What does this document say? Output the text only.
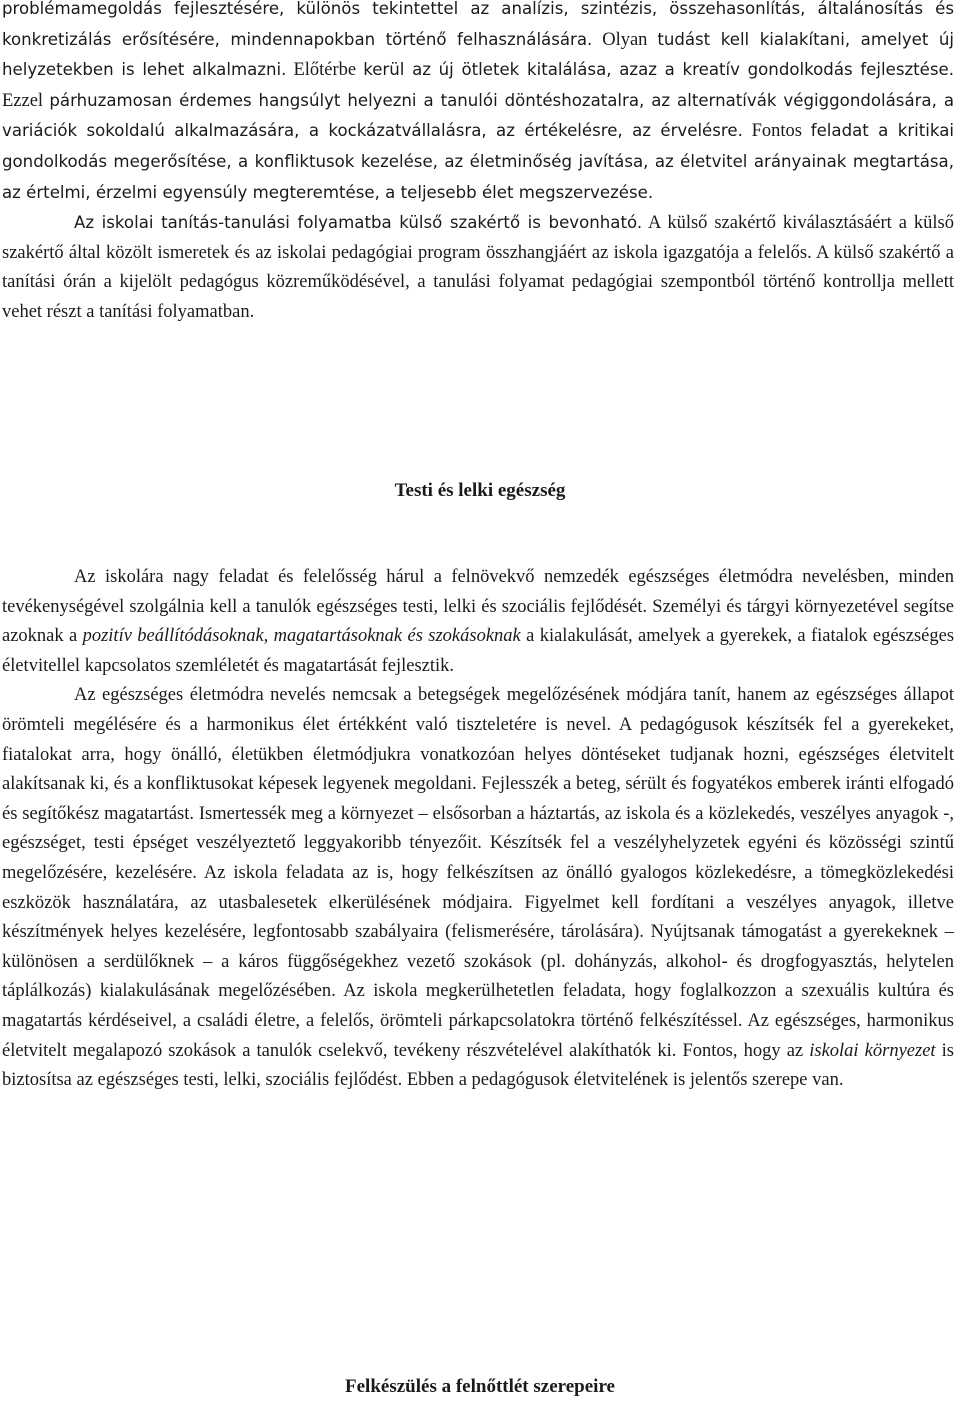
problémamegoldás fejlesztésére, különös tekintettel az analízis, szintézis, összehasonlítás, általánosítás és konkretizálás erősítésére, mindennapokban történő felhasználására. Olyan tudást kell kialakítani, amelyet új helyzetekben is lehet alkalmazni. Előtérbe kerül az új ötletek kitalálása, azaz a kreatív gondolkodás fejlesztése. Ezzel párhuzamosan érdemes hangsúlyt helyezni a tanulói döntéshozatalra, az alternatívák végiggondolására, a variációk sokoldalú alkalmazására, a kockázatvállalásra, az értékelésre, az érvelésre. Fontos feladat a kritikai gondolkodás megerősítése, a konfliktusok kezelése, az életminőség javítása, az életvitel arányainak megtartása, az értelmi, érzelmi egyensúly megteremtése, a teljesebb élet megszervezése.

Az iskolai tanítás-tanulási folyamatba külső szakértő is bevonható. A külső szakértő kiválasztásáért a külső szakértő által közölt ismeretek és az iskolai pedagógiai program összhangjáért az iskola igazgatója a felelős. A külső szakértő a tanítási órán a kijelölt pedagógus közreműködésével, a tanulási folyamat pedagógiai szempontból történő kontrollja mellett vehet részt a tanítási folyamatban.

Testi és lelki egészség

Az iskolára nagy feladat és felelősség hárul a felnövekvő nemzedék egészséges életmódra nevelésben, minden tevékenységével szolgálnia kell a tanulók egészséges testi, lelki és szociális fejlődését. Személyi és tárgyi környezetével segítse azoknak a pozitív beállítódásoknak, magatartásoknak és szokásoknak a kialakulását, amelyek a gyerekek, a fiatalok egészséges életvitellel kapcsolatos szemléletét és magatartását fejlesztik.

Az egészséges életmódra nevelés nemcsak a betegségek megelőzésének módjára tanít, hanem az egészséges állapot örömteli megélésére és a harmonikus élet értékként való tiszteletére is nevel. A pedagógusok készítsék fel a gyerekeket, fiatalokat arra, hogy önálló, életükben életmódjukra vonatkozóan helyes döntéseket tudjanak hozni, egészséges életvitelt alakítsanak ki, és a konfliktusokat képesek legyenek megoldani. Fejlesszék a beteg, sérült és fogyatékos emberek iránti elfogadó és segítőkész magatartást. Ismertessék meg a környezet – elsősorban a háztartás, az iskola és a közlekedés, veszélyes anyagok -, egészséget, testi épséget veszélyeztető leggyakoribb tényezőit. Készítsék fel a veszélyhelyzetek egyéni és közösségi szintű megelőzésére, kezelésére. Az iskola feladata az is, hogy felkészítsen az önálló gyalogos közlekedésre, a tömegközlekedési eszközök használatára, az utasbalesetek elkerülésének módjaira. Figyelmet kell fordítani a veszélyes anyagok, illetve készítmények helyes kezelésére, legfontosabb szabályaira (felismerésére, tárolására). Nyújtsanak támogatást a gyerekeknek – különösen a serdülőknek – a káros függőségekhez vezető szokások (pl. dohányzás, alkohol- és drogfogyasztás, helytelen táplálkozás) kialakulásának megelőzésében. Az iskola megkerülhetetlen feladata, hogy foglalkozzon a szexuális kultúra és magatartás kérdéseivel, a családi életre, a felelős, örömteli párkapcsolatokra történő felkészítéssel. Az egészséges, harmonikus életvitelt megalapozó szokások a tanulók cselekvő, tevékeny részvételével alakíthatók ki. Fontos, hogy az iskolai környezet is biztosítsa az egészséges testi, lelki, szociális fejlődést. Ebben a pedagógusok életvitelének is jelentős szerepe van.

Felkészülés a felnőttlét szerepeire
